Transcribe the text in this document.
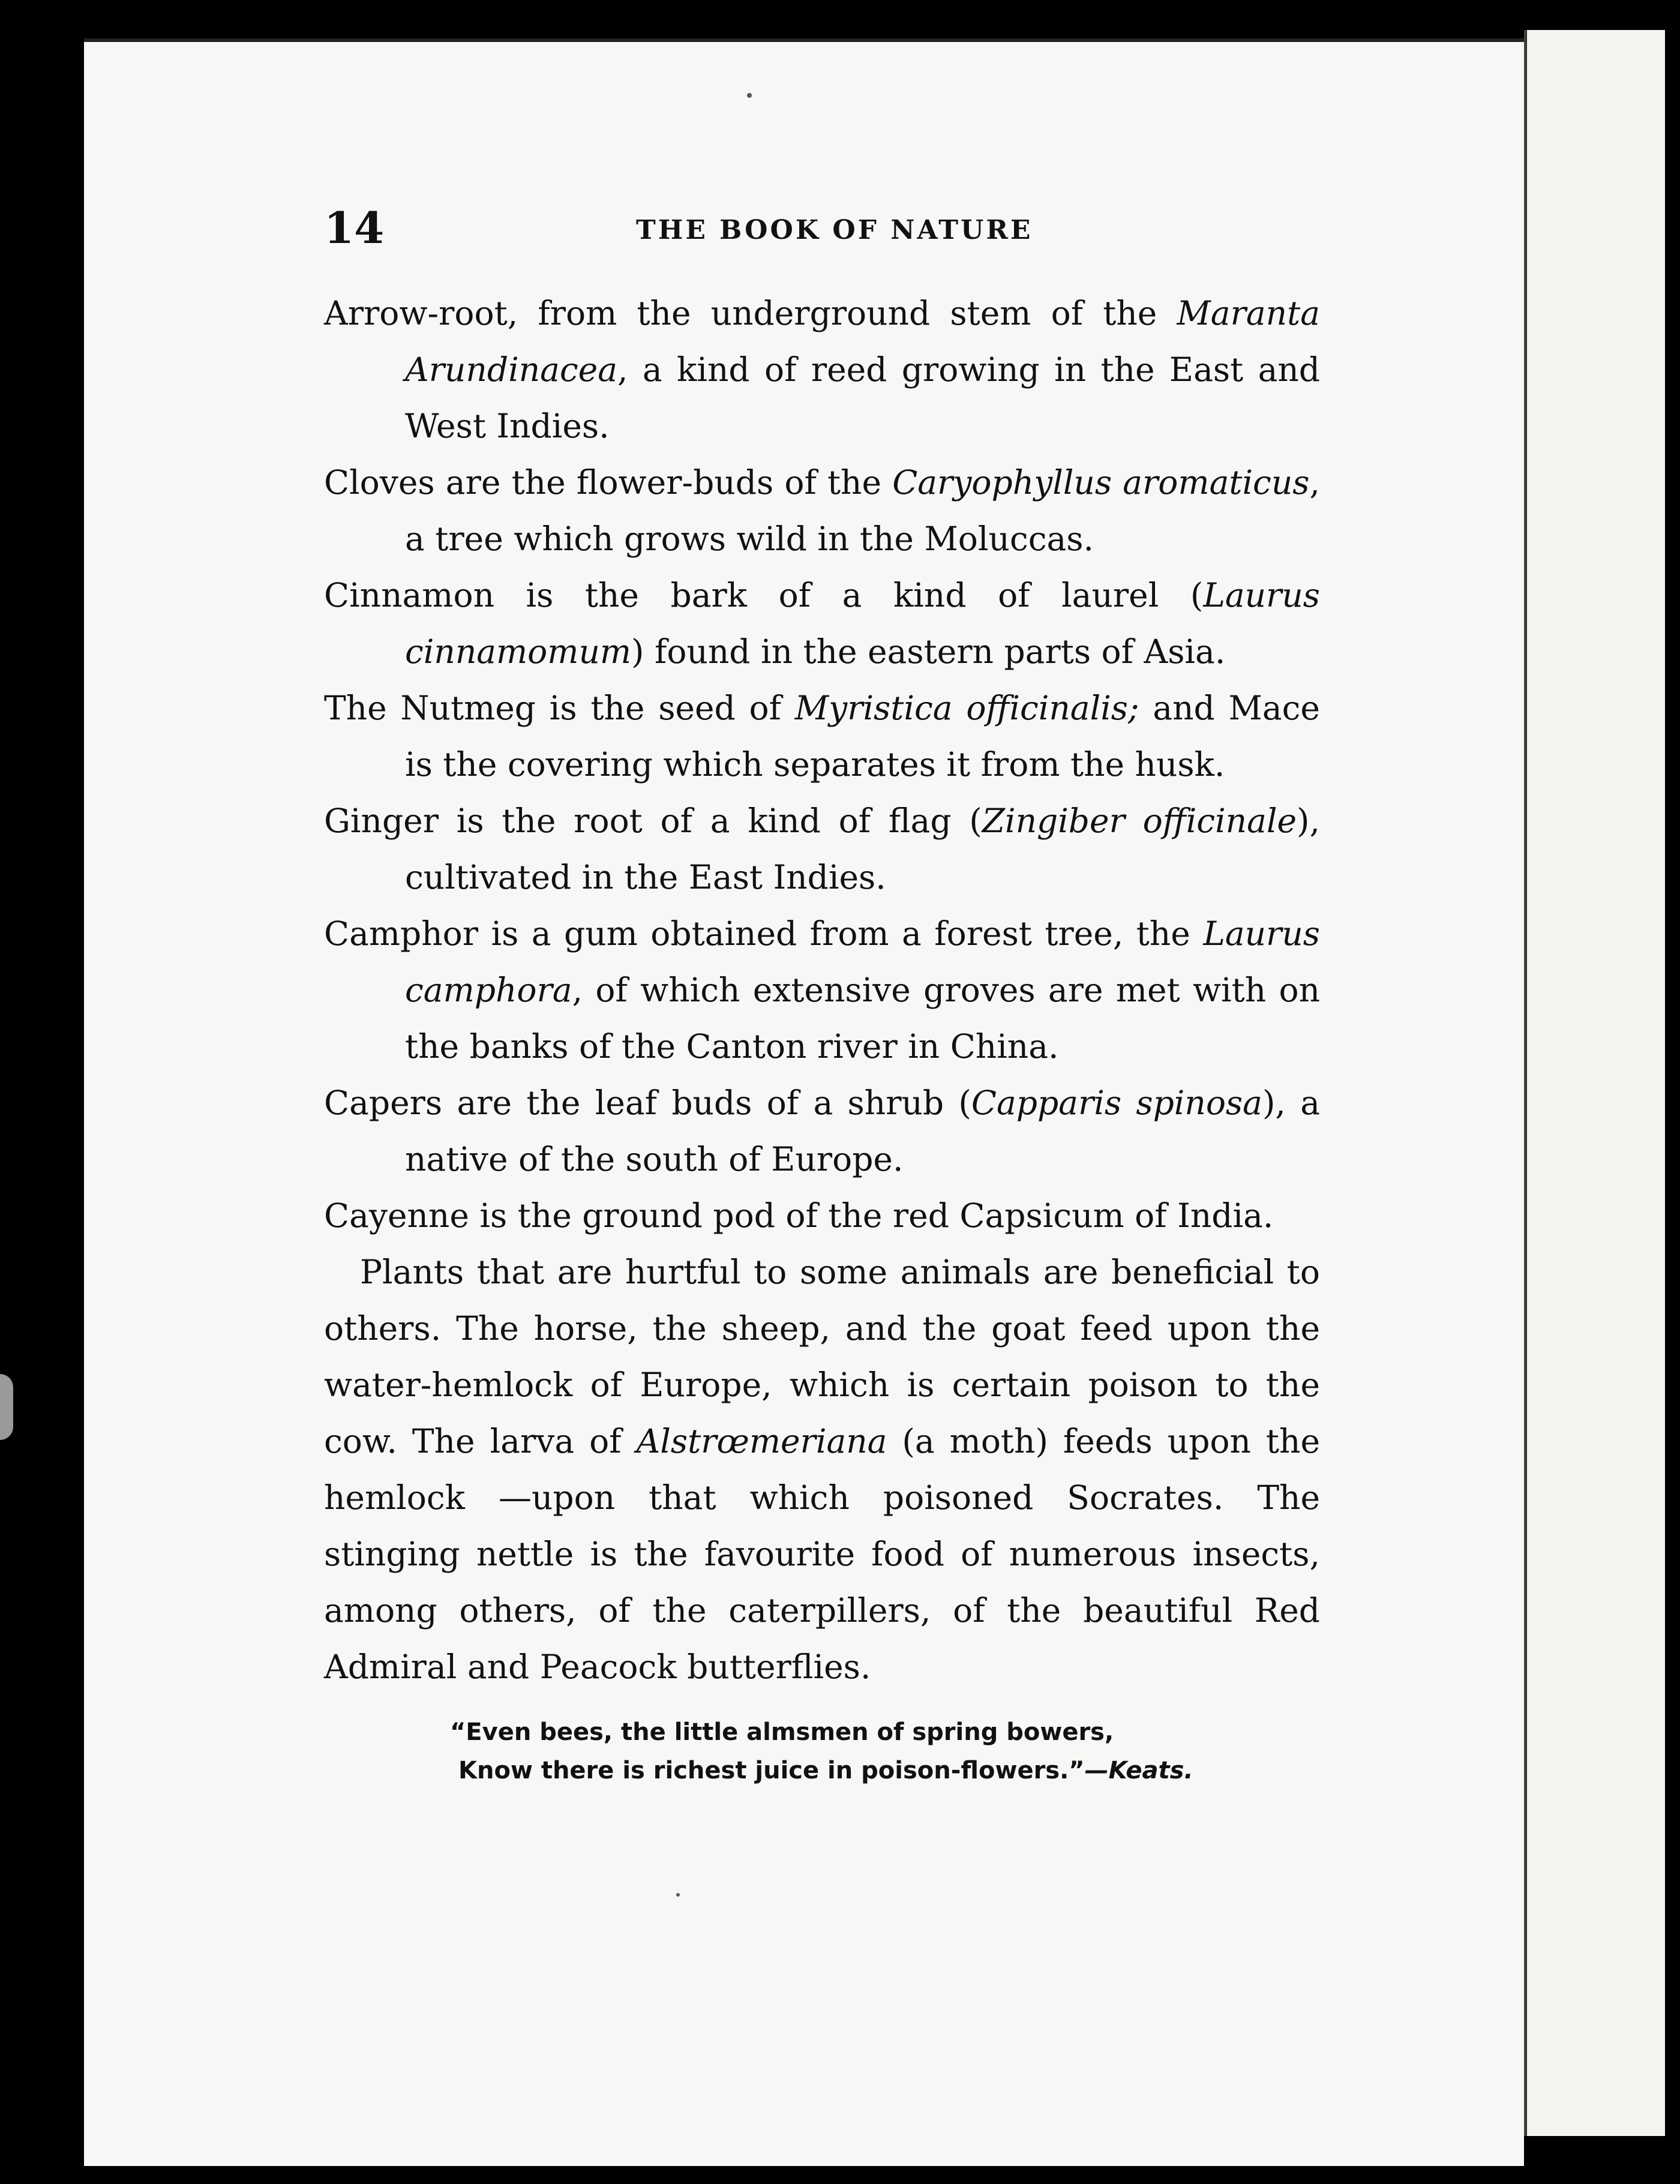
14	THE BOOK OF NATURE

Arrow-root, from the underground stem of the Maranta Arundinacea, a kind of reed growing in the East and West Indies.

Cloves are the flower-buds of the Caryophyllus aromaticus, a tree which grows wild in the Moluccas.

Cinnamon is the bark of a kind of laurel (Laurus cinnamomum) found in the eastern parts of Asia.

The Nutmeg is the seed of Myristica officinalis; and Mace is the covering which separates it from the husk.

Ginger is the root of a kind of flag (Zingiber officinale), cultivated in the East Indies.

Camphor is a gum obtained from a forest tree, the Laurus camphora, of which extensive groves are met with on the banks of the Canton river in China.

Capers are the leaf buds of a shrub (Capparis spinosa), a native of the south of Europe.

Cayenne is the ground pod of the red Capsicum of India.

Plants that are hurtful to some animals are beneficial to others. The horse, the sheep, and the goat feed upon the water-hemlock of Europe, which is certain poison to the cow. The larva of Alstrœmeriana (a moth) feeds upon the hemlock —upon that which poisoned Socrates. The stinging nettle is the favourite food of numerous insects, among others, of the caterpillers, of the beautiful Red Admiral and Peacock butterflies.

“Even bees, the little almsmen of spring bowers,
Know there is richest juice in poison-flowers.”—Keats.
